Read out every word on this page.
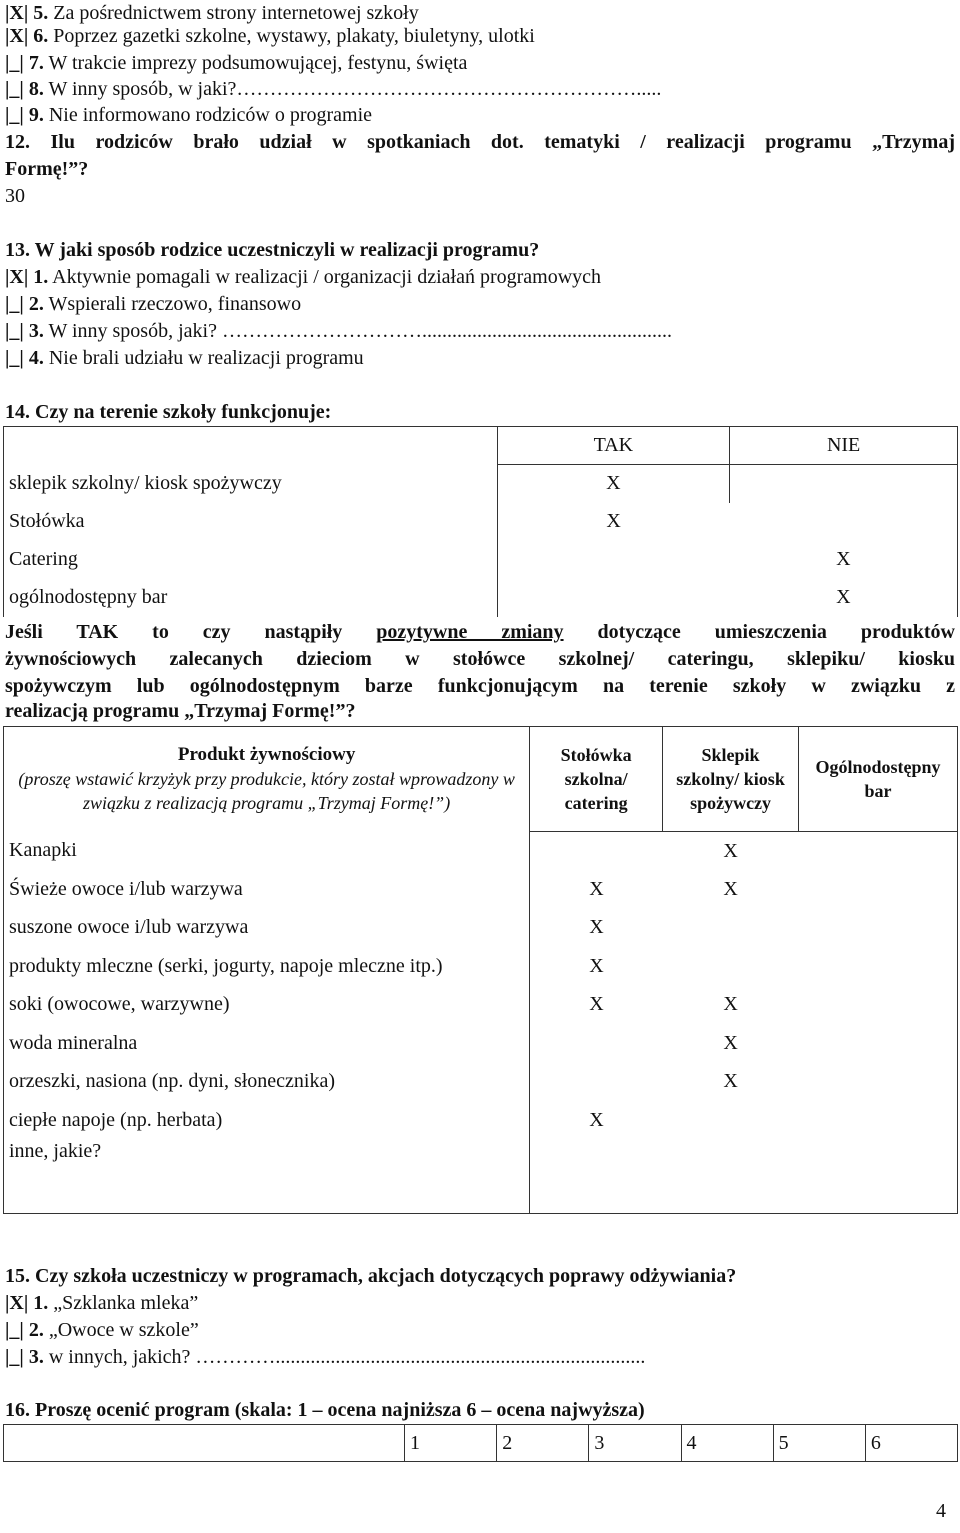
|X| 5. Za pośrednictwem strony internetowej szkoły
|X| 6. Poprzez gazetki szkolne, wystawy, plakaty, biuletyny, ulotki
|_| 7. W trakcie imprezy podsumowującej, festynu, święta
|_| 8. W inny sposób, w jaki?…………………………………………………….....
|_| 9. Nie informowano rodziców o programie
12. Ilu rodziców brało udział w spotkaniach dot. tematyki / realizacji programu „Trzymaj
Formę!”?
30
13. W jaki sposób rodzice uczestniczyli w realizacji programu?
|X| 1. Aktywnie pomagali w realizacji / organizacji działań programowych
|_| 2. Wspierali rzeczowo, finansowo
|_| 3. W inny sposób, jaki? …………………………..................................................
|_| 4. Nie brali udziału w realizacji programu
14. Czy na terenie szkoły funkcjonuje:
	TAK	NIE
sklepik szkolny/ kiosk spożywczy	X	
Stołówka	X	
Catering		X
ogólnodostępny bar		X
Jeśli TAK to czy nastąpiły pozytywne zmiany dotyczące umieszczenia produktów
żywnościowych zalecanych dzieciom w stołówce szkolnej/ cateringu, sklepiku/ kiosku
spożywczym lub ogólnodostępnym barze funkcjonującym na terenie szkoły w związku z
realizacją programu „Trzymaj Formę!”?
Produkt żywnościowy
(proszę wstawić krzyżyk przy produkcie, który został wprowadzony w związku z realizacją programu „Trzymaj Formę!”)	Stołówka szkolna/ catering	Sklepik szkolny/ kiosk spożywczy	Ogólnodostępny bar
Kanapki		X	
Świeże owoce i/lub warzywa	X	X	
suszone owoce i/lub warzywa	X		
produkty mleczne (serki, jogurty, napoje mleczne itp.)	X		
soki (owocowe, warzywne)	X	X	
woda mineralna		X	
orzeszki, nasiona (np. dyni, słonecznika)		X	
ciepłe napoje (np. herbata)	X		
inne, jakie?			
15. Czy szkoła uczestniczy w programach, akcjach dotyczących poprawy odżywiania?
|X| 1. „Szklanka mleka”
|_| 2. „Owoce w szkole”
|_| 3. w innych, jakich? …………..........................................................................
16. Proszę ocenić program (skala: 1 – ocena najniższa 6 – ocena najwyższa)
	1	2	3	4	5	6
4
